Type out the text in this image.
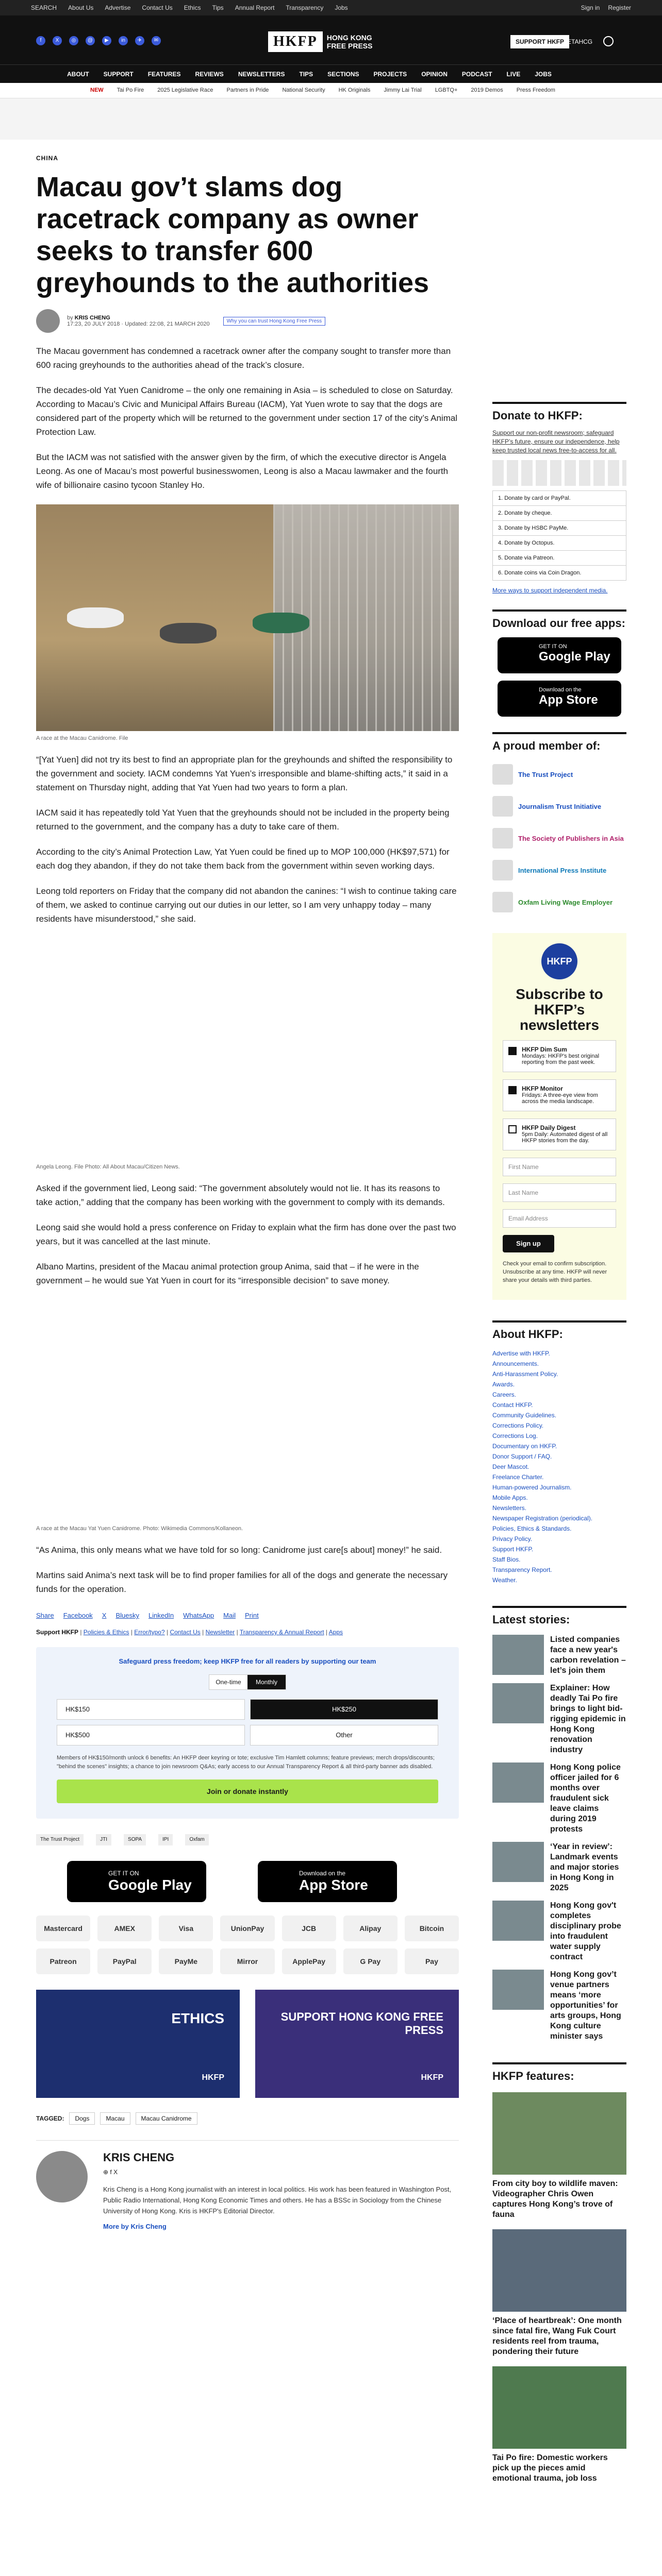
SEARCH About Us Advertise Contact Us Ethics Tips Annual Report Transparency Jobs	Sign in Register
f	X	◎	@	▶	in	✈	✉	HKFP	HONG KONG
FREE PRESS	SUPPORT HKFP ETAHCG
ABOUT SUPPORT FEATURES REVIEWS NEWSLETTERS TIPS SECTIONS PROJECTS OPINION PODCAST LIVE JOBS
NEW Tai Po Fire 2025 Legislative Race Partners in Pride National Security HK Originals Jimmy Lai Trial LGBTQ+ 2019 Demos Press Freedom
CHINA
Macau gov’t slams dog racetrack company as owner seeks to transfer 600 greyhounds to the authorities
by KRIS CHENG
17:23, 20 JULY 2018 · Updated: 22:08, 21 MARCH 2020	Why you can trust Hong Kong Free Press

The Macau government has condemned a racetrack owner after the company sought to transfer more than 600 racing greyhounds to the authorities ahead of the track’s closure.

The decades-old Yat Yuen Canidrome – the only one remaining in Asia – is scheduled to close on Saturday. According to Macau’s Civic and Municipal Affairs Bureau (IACM), Yat Yuen wrote to say that the dogs are considered part of the property which will be returned to the government under section 17 of the city’s Animal Protection Law.

But the IACM was not satisfied with the answer given by the firm, of which the executive director is Angela Leong. As one of Macau’s most powerful businesswomen, Leong is also a Macau lawmaker and the fourth wife of billionaire casino tycoon Stanley Ho.

A race at the Macau Canidrome. File

“[Yat Yuen] did not try its best to find an appropriate plan for the greyhounds and shifted the responsibility to the government and society. IACM condemns Yat Yuen’s irresponsible and blame-shifting acts,” it said in a statement on Thursday night, adding that Yat Yuen had two years to form a plan.

IACM said it has repeatedly told Yat Yuen that the greyhounds should not be included in the property being returned to the government, and the company has a duty to take care of them.

According to the city’s Animal Protection Law, Yat Yuen could be fined up to MOP 100,000 (HK$97,571) for each dog they abandon, if they do not take them back from the government within seven working days.

Leong told reporters on Friday that the company did not abandon the canines: “I wish to continue taking care of them, we asked to continue carrying out our duties in our letter, so I am very unhappy today – many residents have misunderstood,” she said.

Angela Leong. File Photo: All About Macau/Citizen News.

Asked if the government lied, Leong said: “The government absolutely would not lie. It has its reasons to take action,” adding that the company has been working with the government to comply with its demands.

Leong said she would hold a press conference on Friday to explain what the firm has done over the past two years, but it was cancelled at the last minute.

Albano Martins, president of the Macau animal protection group Anima, said that – if he were in the government – he would sue Yat Yuen in court for its “irresponsible decision” to save money.

A race at the Macau Yat Yuen Canidrome. Photo: Wikimedia Commons/Kollaneon.

“As Anima, this only means what we have told for so long: Canidrome just care[s about] money!” he said.

Martins said Anima’s next task will be to find proper families for all of the dogs and generate the necessary funds for the operation.

Share Facebook X Bluesky LinkedIn WhatsApp Mail Print
Support HKFP | Policies & Ethics | Error/typo? | Contact Us | Newsletter | Transparency & Annual Report | Apps
Safeguard press freedom; keep HKFP free for all readers by supporting our team
One-time	Monthly
HK$150	HK$250
HK$500	Other
Members of HK$150/month unlock 6 benefits: An HKFP deer keyring or tote; exclusive Tim Hamlett columns; feature previews; merch drops/discounts; "behind the scenes" insights; a chance to join newsroom Q&As; early access to our Annual Transparency Report & all third-party banner ads disabled.
Join or donate instantly
The Trust Project	JTI	SOPA	IPI	Oxfam
GET IT ON
Google Play
Download on the
App Store
Mastercard	AMEX	Visa	UnionPay	JCB	Alipay	Bitcoin
Patreon	PayPal	PayMe	Mirror	ApplePay	G Pay	Pay
ETHICS
HKFP
SUPPORT HONG KONG FREE PRESS
HKFP
TAGGED:	Dogs	Macau	Macau Canidrome
KRIS CHENG
⊕ f X
Kris Cheng is a Hong Kong journalist with an interest in local politics. His work has been featured in Washington Post, Public Radio International, Hong Kong Economic Times and others. He has a BSSc in Sociology from the Chinese University of Hong Kong. Kris is HKFP's Editorial Director.
More by Kris Cheng
Donate to HKFP:
Support our non-profit newsroom; safeguard HKFP’s future, ensure our independence, help keep trusted local news free-to-access for all.
1. Donate by card or PayPal.
2. Donate by cheque.
3. Donate by HSBC PayMe.
4. Donate by Octopus.
5. Donate via Patreon.
6. Donate coins via Coin Dragon.
More ways to support independent media.
Download our free apps:
GET IT ON
Google Play
Download on the
App Store
A proud member of:
The Trust Project
Journalism Trust Initiative
The Society of Publishers in Asia
International Press Institute
Oxfam Living Wage Employer
HKFP
Subscribe to HKFP’s newsletters
HKFP Dim Sum
Mondays: HKFP's best original reporting from the past week.
HKFP Monitor
Fridays: A three-eye view from across the media landscape.
HKFP Daily Digest
5pm Daily: Automated digest of all HKFP stories from the day.
First Name
Last Name
Email Address
Sign up
Check your email to confirm subscription. Unsubscribe at any time. HKFP will never share your details with third parties.
About HKFP:
Advertise with HKFP.
Announcements.
Anti-Harassment Policy.
Awards.
Careers.
Contact HKFP.
Community Guidelines.
Corrections Policy.
Corrections Log.
Documentary on HKFP.
Donor Support / FAQ.
Deer Mascot.
Freelance Charter.
Human-powered Journalism.
Mobile Apps.
Newsletters.
Newspaper Registration (periodical).
Policies, Ethics & Standards.
Privacy Policy.
Support HKFP.
Staff Bios.
Transparency Report.
Weather.
Latest stories:
Listed companies face a new year's carbon revelation – let’s join them
Explainer: How deadly Tai Po fire brings to light bid-rigging epidemic in Hong Kong renovation industry
Hong Kong police officer jailed for 6 months over fraudulent sick leave claims during 2019 protests
‘Year in review’: Landmark events and major stories in Hong Kong in 2025
Hong Kong gov't completes disciplinary probe into fraudulent water supply contract
Hong Kong gov’t venue partners means ‘more opportunities’ for arts groups, Hong Kong culture minister says
HKFP features:
From city boy to wildlife maven: Videographer Chris Owen captures Hong Kong’s trove of fauna
‘Place of heartbreak’: One month since fatal fire, Wang Fuk Court residents reel from trauma, pondering their future
Tai Po fire: Domestic workers pick up the pieces amid emotional trauma, job loss
